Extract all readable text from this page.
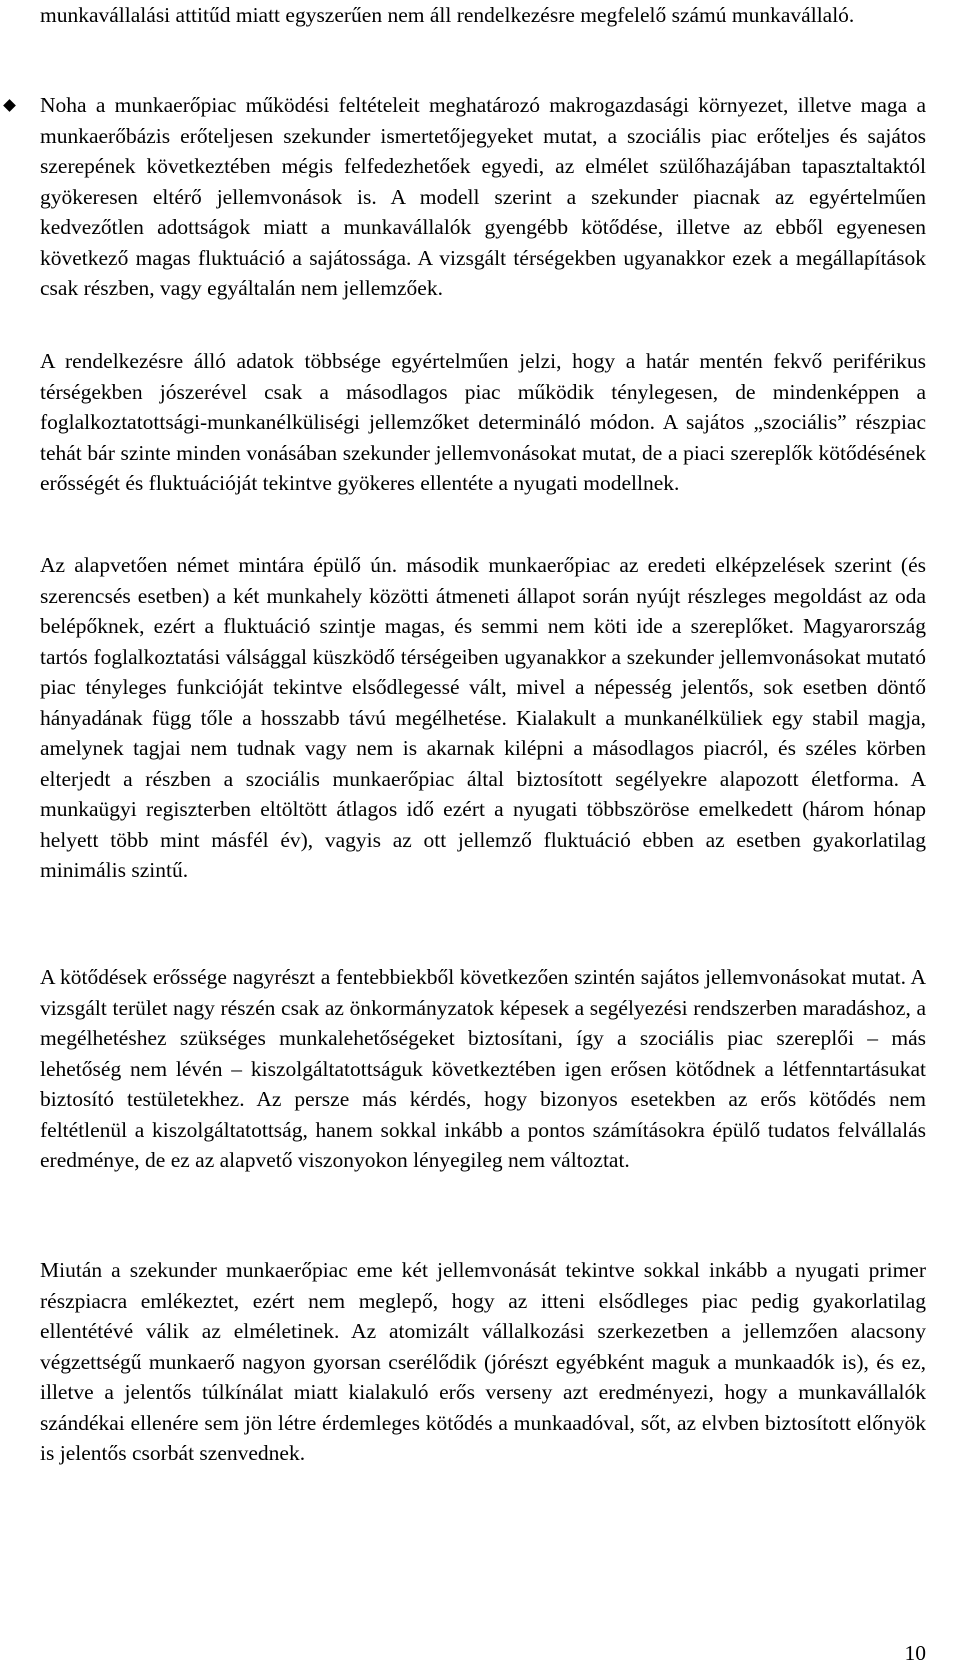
munkavállalási attitűd miatt egyszerűen nem áll rendelkezésre megfelelő számú munkavállaló.

Noha a munkaerőpiac működési feltételeit meghatározó makrogazdasági környezet, illetve maga a munkaerőbázis erőteljesen szekunder ismertetőjegyeket mutat, a szociális piac erőteljes és sajátos szerepének következtében mégis felfedezhetőek egyedi, az elmélet szülőhazájában tapasztaltaktól gyökeresen eltérő jellemvonások is. A modell szerint a szekunder piacnak az egyértelműen kedvezőtlen adottságok miatt a munkavállalók gyengébb kötődése, illetve az ebből egyenesen következő magas fluktuáció a sajátossága. A vizsgált térségekben ugyanakkor ezek a megállapítások csak részben, vagy egyáltalán nem jellemzőek.

A rendelkezésre álló adatok többsége egyértelműen jelzi, hogy a határ mentén fekvő periférikus térségekben jószerével csak a másodlagos piac működik ténylegesen, de mindenképpen a foglalkoztatottsági-munkanélküliségi jellemzőket determináló módon. A sajátos „szociális” részpiac tehát bár szinte minden vonásában szekunder jellemvonásokat mutat, de a piaci szereplők kötődésének erősségét és fluktuációját tekintve gyökeres ellentéte a nyugati modellnek.

Az alapvetően német mintára épülő ún. második munkaerőpiac az eredeti elképzelések szerint (és szerencsés esetben) a két munkahely közötti átmeneti állapot során nyújt részleges megoldást az oda belépőknek, ezért a fluktuáció szintje magas, és semmi nem köti ide a szereplőket. Magyarország tartós foglalkoztatási válsággal küszködő térségeiben ugyanakkor a szekunder jellemvonásokat mutató piac tényleges funkcióját tekintve elsődlegessé vált, mivel a népesség jelentős, sok esetben döntő hányadának függ tőle a hosszabb távú megélhetése. Kialakult a munkanélküliek egy stabil magja, amelynek tagjai nem tudnak vagy nem is akarnak kilépni a másodlagos piacról, és széles körben elterjedt a részben a szociális munkaerőpiac által biztosított segélyekre alapozott életforma. A munkaügyi regiszterben eltöltött átlagos idő ezért a nyugati többszöröse emelkedett (három hónap helyett több mint másfél év), vagyis az ott jellemző fluktuáció ebben az esetben gyakorlatilag minimális szintű.

A kötődések erőssége nagyrészt a fentebbiekből következően szintén sajátos jellemvonásokat mutat. A vizsgált terület nagy részén csak az önkormányzatok képesek a segélyezési rendszerben maradáshoz, a megélhetéshez szükséges munkalehetőségeket biztosítani, így a szociális piac szereplői – más lehetőség nem lévén – kiszolgáltatottságuk következtében igen erősen kötődnek a létfenntartásukat biztosító testületekhez. Az persze más kérdés, hogy bizonyos esetekben az erős kötődés nem feltétlenül a kiszolgáltatottság, hanem sokkal inkább a pontos számításokra épülő tudatos felvállalás eredménye, de ez az alapvető viszonyokon lényegileg nem változtat.

Miután a szekunder munkaerőpiac eme két jellemvonását tekintve sokkal inkább a nyugati primer részpiacra emlékeztet, ezért nem meglepő, hogy az itteni elsődleges piac pedig gyakorlatilag ellentétévé válik az elméletinek. Az atomizált vállalkozási szerkezetben a jellemzően alacsony végzettségű munkaerő nagyon gyorsan cserélődik (jórészt egyébként maguk a munkaadók is), és ez, illetve a jelentős túlkínálat miatt kialakuló erős verseny azt eredményezi, hogy a munkavállalók szándékai ellenére sem jön létre érdemleges kötődés a munkaadóval, sőt, az elvben biztosított előnyök is jelentős csorbát szenvednek.

10
